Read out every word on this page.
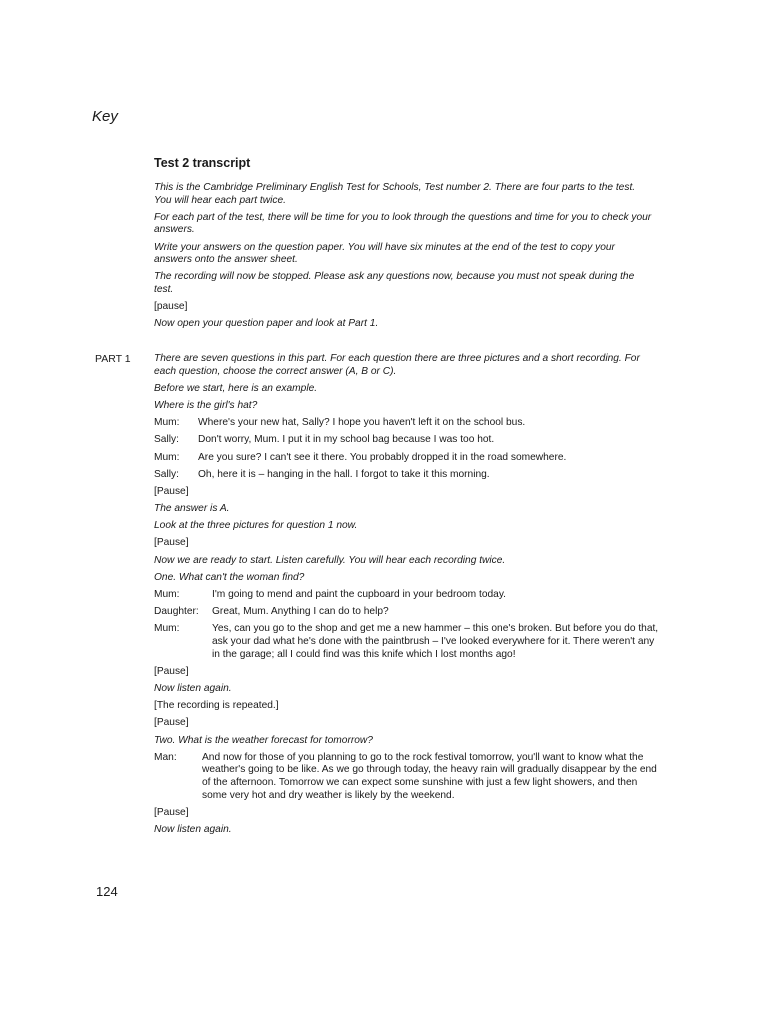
Key
Test 2 transcript

This is the Cambridge Preliminary English Test for Schools, Test number 2. There are four parts to the test. You will hear each part twice.

For each part of the test, there will be time for you to look through the questions and time for you to check your answers.

Write your answers on the question paper. You will have six minutes at the end of the test to copy your answers onto the answer sheet.

The recording will now be stopped. Please ask any questions now, because you must not speak during the test.

[pause]

Now open your question paper and look at Part 1.

PART 1 There are seven questions in this part. For each question there are three pictures and a short recording. For each question, choose the correct answer (A, B or C).

Before we start, here is an example.

Where is the girl's hat?

Mum:	Where's your new hat, Sally? I hope you haven't left it on the school bus.
Sally:	Don't worry, Mum. I put it in my school bag because I was too hot.
Mum:	Are you sure? I can't see it there. You probably dropped it in the road somewhere.
Sally:	Oh, here it is – hanging in the hall. I forgot to take it this morning.

[Pause]

The answer is A.

Look at the three pictures for question 1 now.

[Pause]

Now we are ready to start. Listen carefully. You will hear each recording twice.

One. What can't the woman find?

Mum:	I'm going to mend and paint the cupboard in your bedroom today.
Daughter:	Great, Mum. Anything I can do to help?
Mum:	Yes, can you go to the shop and get me a new hammer – this one's broken. But before you do that, ask your dad what he's done with the paintbrush – I've looked everywhere for it. There weren't any in the garage; all I could find was this knife which I lost months ago!

[Pause]

Now listen again.

[The recording is repeated.]

[Pause]

Two. What is the weather forecast for tomorrow?

Man:	And now for those of you planning to go to the rock festival tomorrow, you'll want to know what the weather's going to be like. As we go through today, the heavy rain will gradually disappear by the end of the afternoon. Tomorrow we can expect some sunshine with just a few light showers, and then some very hot and dry weather is likely by the weekend.

[Pause]

Now listen again.

124
